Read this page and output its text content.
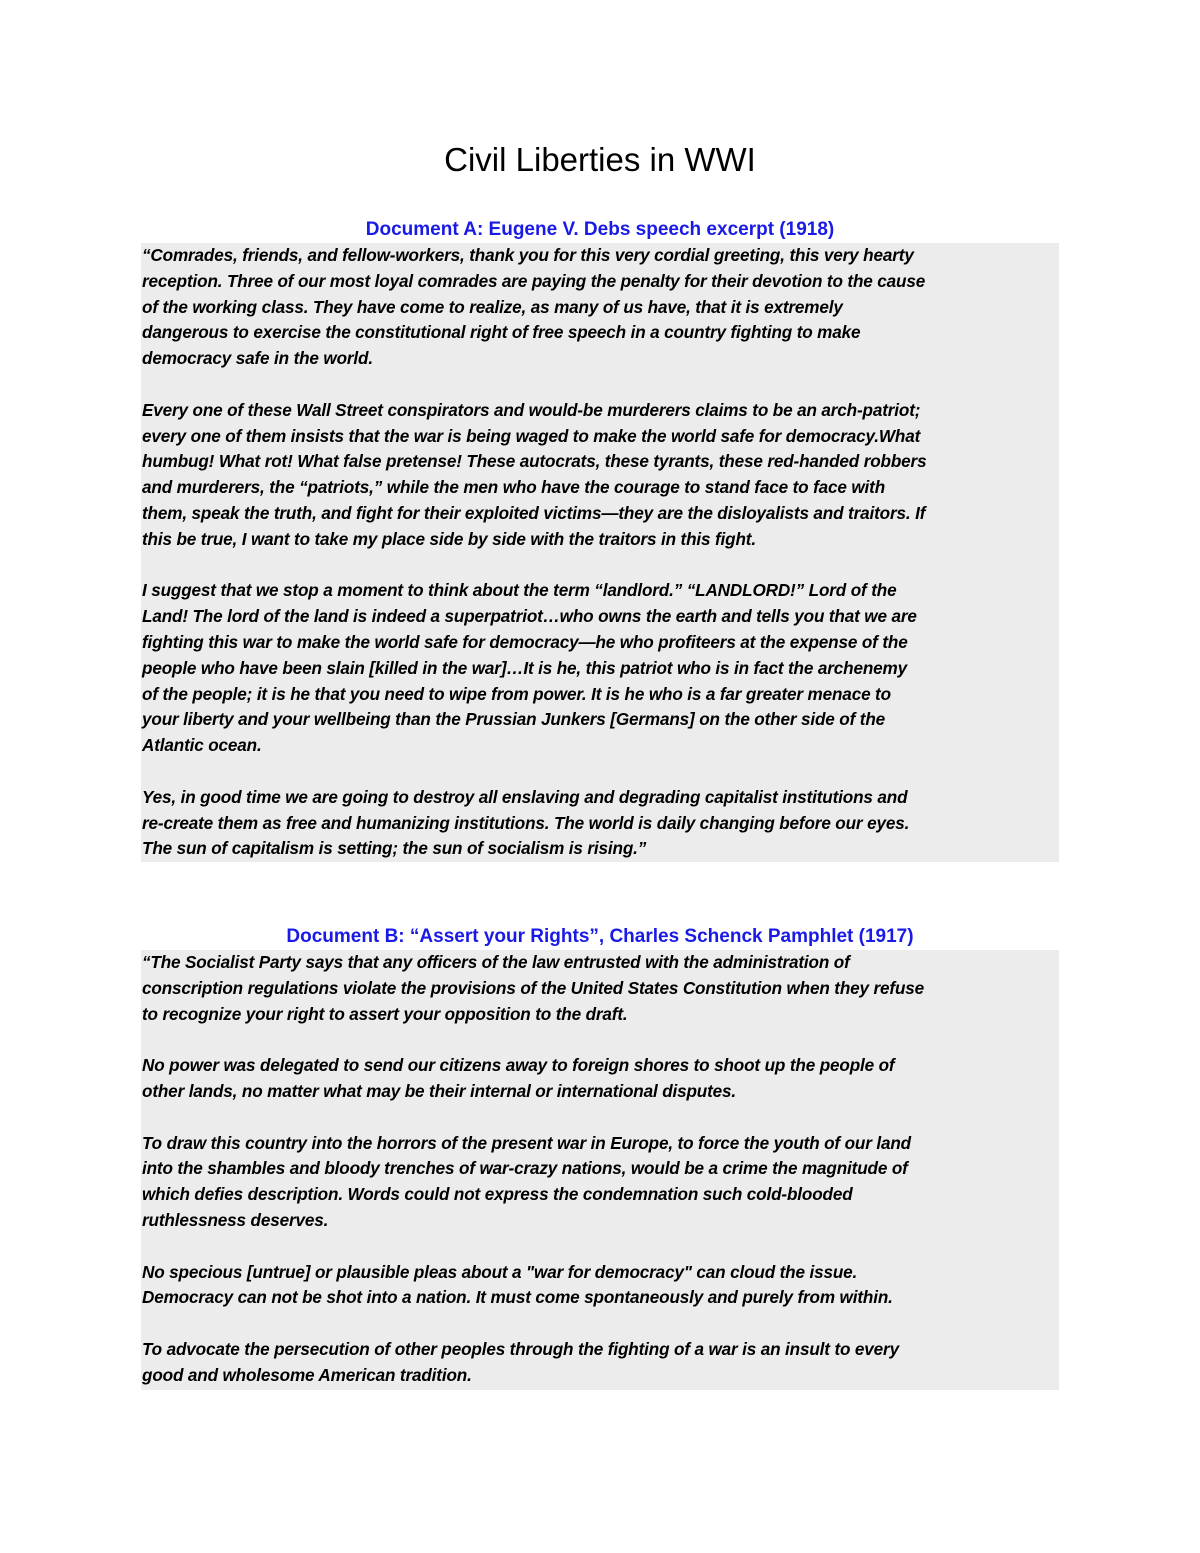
Civil Liberties in WWI
Document A: Eugene V. Debs speech excerpt (1918)

“Comrades, friends, and fellow-workers, thank you for this very cordial greeting, this very hearty
reception. Three of our most loyal comrades are paying the penalty for their devotion to the cause
of the working class. They have come to realize, as many of us have, that it is extremely
dangerous to exercise the constitutional right of free speech in a country fighting to make
democracy safe in the world.

Every one of these Wall Street conspirators and would-be murderers claims to be an arch-patriot;
every one of them insists that the war is being waged to make the world safe for democracy.What
humbug! What rot! What false pretense! These autocrats, these tyrants, these red-handed robbers
and murderers, the “patriots,” while the men who have the courage to stand face to face with
them, speak the truth, and fight for their exploited victims—they are the disloyalists and traitors. If
this be true, I want to take my place side by side with the traitors in this fight.

I suggest that we stop a moment to think about the term “landlord.” “LANDLORD!” Lord of the
Land! The lord of the land is indeed a superpatriot…who owns the earth and tells you that we are
fighting this war to make the world safe for democracy—he who profiteers at the expense of the
people who have been slain [killed in the war]…It is he, this patriot who is in fact the archenemy
of the people; it is he that you need to wipe from power. It is he who is a far greater menace to
your liberty and your wellbeing than the Prussian Junkers [Germans] on the other side of the
Atlantic ocean.

Yes, in good time we are going to destroy all enslaving and degrading capitalist institutions and
re-create them as free and humanizing institutions. The world is daily changing before our eyes.
The sun of capitalism is setting; the sun of socialism is rising.”

Document B: “Assert your Rights”, Charles Schenck Pamphlet (1917)

“The Socialist Party says that any officers of the law entrusted with the administration of
conscription regulations violate the provisions of the United States Constitution when they refuse
to recognize your right to assert your opposition to the draft.

No power was delegated to send our citizens away to foreign shores to shoot up the people of
other lands, no matter what may be their internal or international disputes.

To draw this country into the horrors of the present war in Europe, to force the youth of our land
into the shambles and bloody trenches of war-crazy nations, would be a crime the magnitude of
which defies description. Words could not express the condemnation such cold-blooded
ruthlessness deserves.

No specious [untrue] or plausible pleas about a "war for democracy" can cloud the issue.
Democracy can not be shot into a nation. It must come spontaneously and purely from within.

To advocate the persecution of other peoples through the fighting of a war is an insult to every
good and wholesome American tradition.
